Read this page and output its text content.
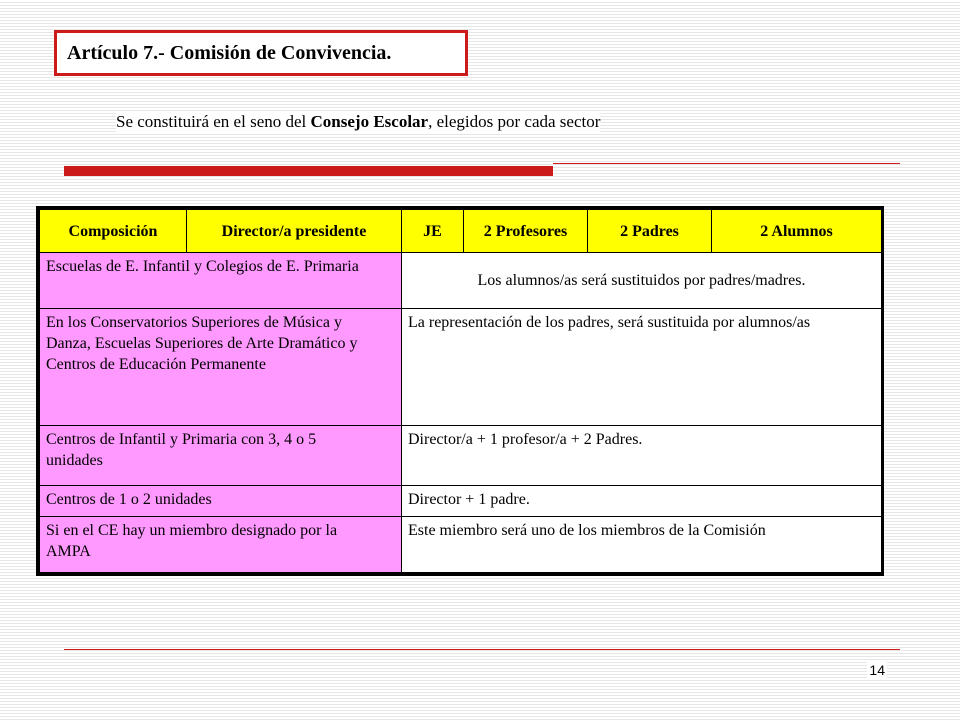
Artículo 7.- Comisión de Convivencia.
Se constituirá en el seno del Consejo Escolar, elegidos por cada sector
Composición	Director/a presidente	JE	2 Profesores	2 Padres	2 Alumnos
Escuelas de E. Infantil y Colegios de E. Primaria		Los alumnos/as será sustituidos por padres/madres.			
En los Conservatorios Superiores de Música y Danza, Escuelas Superiores de Arte Dramático y Centros de Educación Permanente		La representación de los padres, será sustituida por alumnos/as			
Centros de Infantil y Primaria con 3, 4 o 5 unidades		Director/a + 1 profesor/a + 2 Padres.			
Centros de 1 o 2 unidades		Director + 1 padre.			
Si en el CE hay un miembro designado por la AMPA		Este miembro será uno de los miembros de la Comisión			
14
